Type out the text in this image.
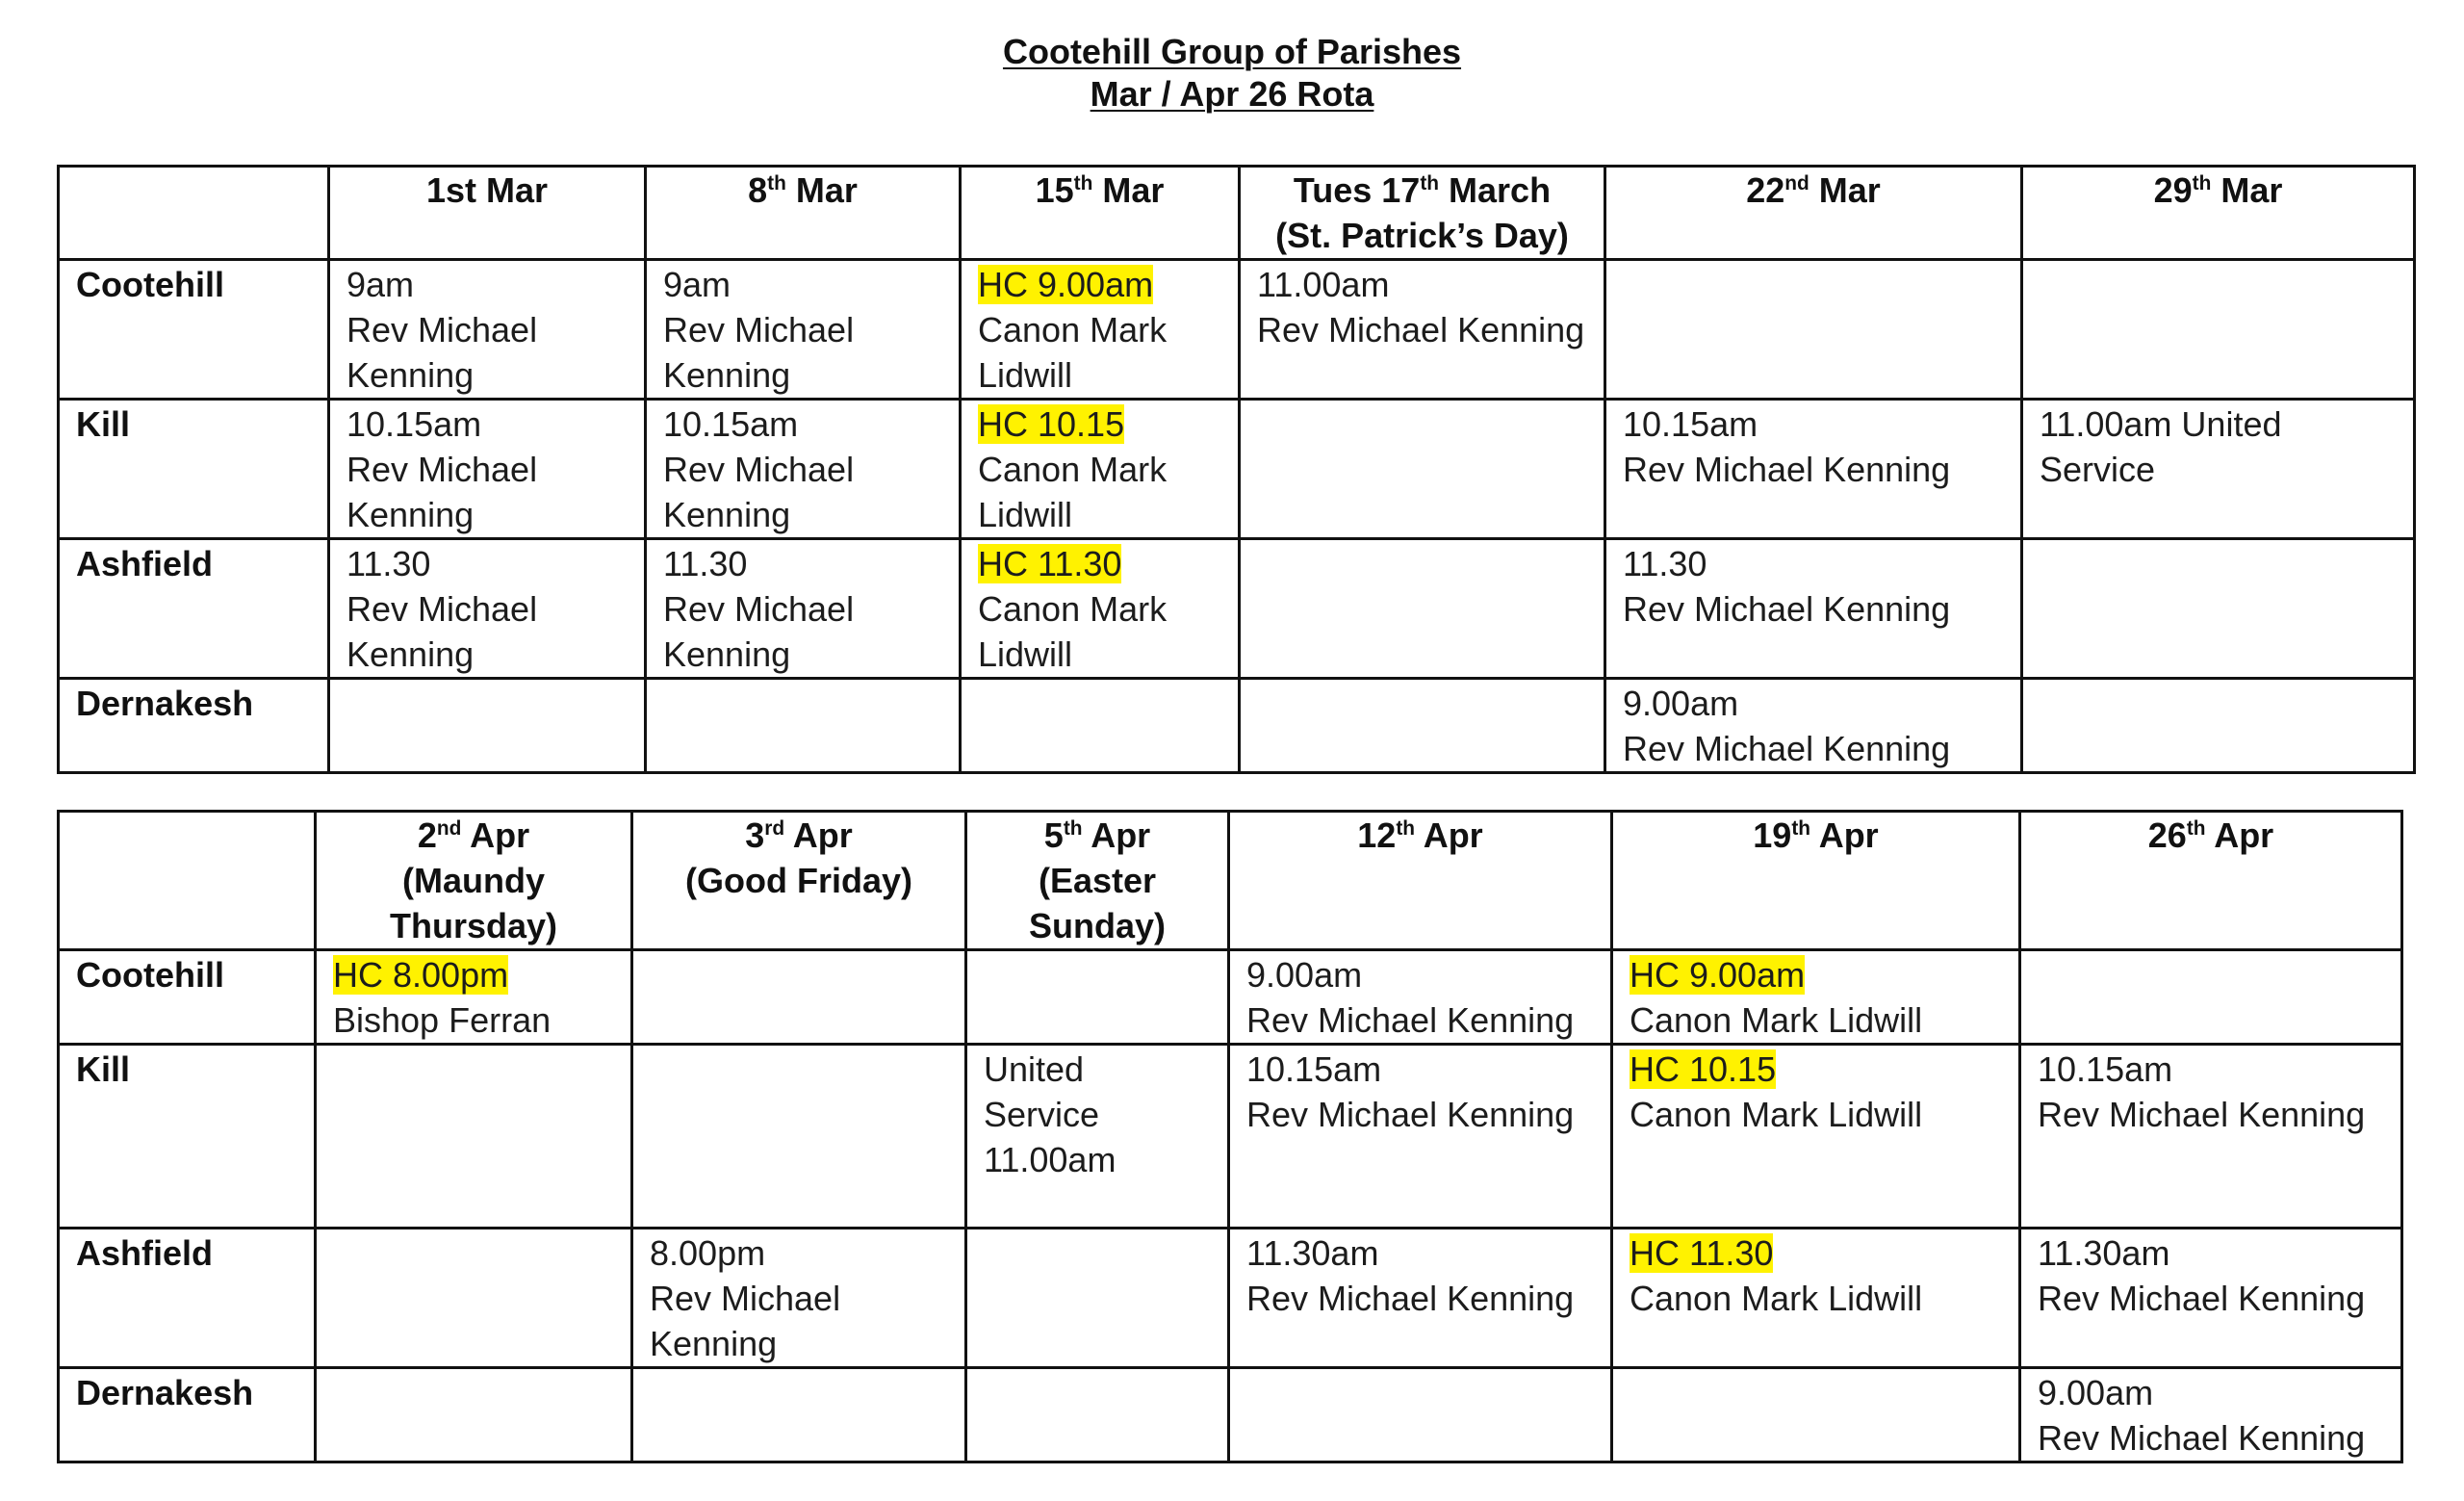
Cootehill Group of Parishes
Mar / Apr 26 Rota

	1st Mar	8th Mar	15th Mar	Tues 17th March
(St. Patrick’s Day)	22nd Mar	29th Mar

Cootehill	9am
Rev Michael
Kenning	9am
Rev Michael
Kenning	HC 9.00am
Canon Mark
Lidwill	11.00am
Rev Michael Kenning		

Kill	10.15am
Rev Michael
Kenning	10.15am
Rev Michael
Kenning	HC 10.15
Canon Mark
Lidwill		10.15am
Rev Michael Kenning	11.00am United
Service

Ashfield	11.30
Rev Michael
Kenning	11.30
Rev Michael
Kenning	HC 11.30
Canon Mark
Lidwill		11.30
Rev Michael Kenning	

Dernakesh					9.00am
Rev Michael Kenning	

	2nd Apr
(Maundy
Thursday)	3rd Apr
(Good Friday)	5th Apr
(Easter
Sunday)	12th Apr	19th Apr	26th Apr

Cootehill	HC 8.00pm
Bishop Ferran			9.00am
Rev Michael Kenning	HC 9.00am
Canon Mark Lidwill	

Kill			United
Service
11.00am	10.15am
Rev Michael Kenning	HC 10.15
Canon Mark Lidwill	10.15am
Rev Michael Kenning

Ashfield		8.00pm
Rev Michael
Kenning		11.30am
Rev Michael Kenning	HC 11.30
Canon Mark Lidwill	11.30am
Rev Michael Kenning

Dernakesh						9.00am
Rev Michael Kenning
